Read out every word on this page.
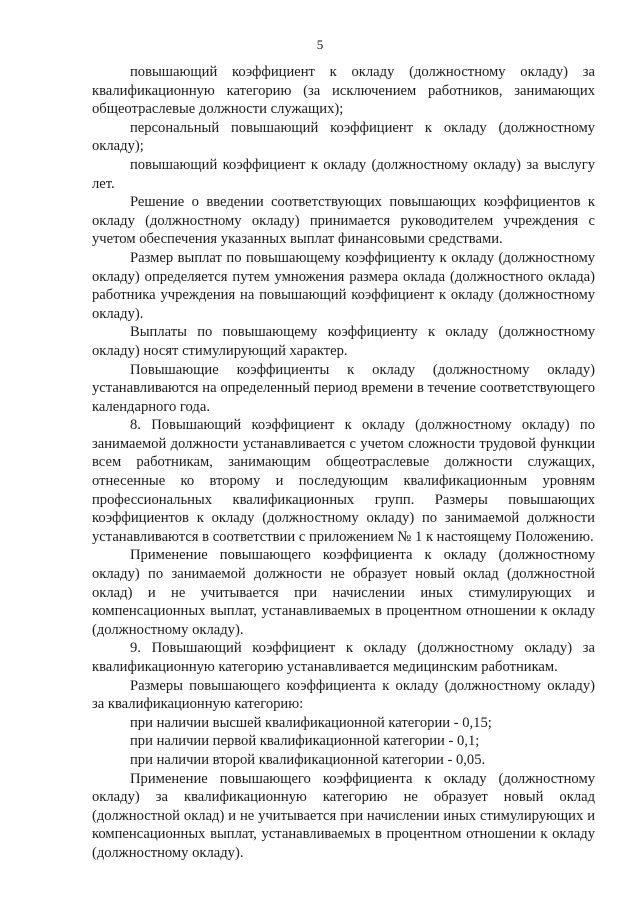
5

повышающий коэффициент к окладу (должностному окладу) за квалификационную категорию (за исключением работников, занимающих общеотраслевые должности служащих);

персональный повышающий коэффициент к окладу (должностному окладу);

повышающий коэффициент к окладу (должностному окладу) за выслугу лет.

Решение о введении соответствующих повышающих коэффициентов к окладу (должностному окладу) принимается руководителем учреждения с учетом обеспечения указанных выплат финансовыми средствами.

Размер выплат по повышающему коэффициенту к окладу (должностному окладу) определяется путем умножения размера оклада (должностного оклада) работника учреждения на повышающий коэффициент к окладу (должностному окладу).

Выплаты по повышающему коэффициенту к окладу (должностному окладу) носят стимулирующий характер.

Повышающие коэффициенты к окладу (должностному окладу) устанавливаются на определенный период времени в течение соответствующего календарного года.

8. Повышающий коэффициент к окладу (должностному окладу) по занимаемой должности устанавливается с учетом сложности трудовой функции всем работникам, занимающим общеотраслевые должности служащих, отнесенные ко второму и последующим квалификационным уровням профессиональных квалификационных групп. Размеры повышающих коэффициентов к окладу (должностному окладу) по занимаемой должности устанавливаются в соответствии с приложением № 1 к настоящему Положению.

Применение повышающего коэффициента к окладу (должностному окладу) по занимаемой должности не образует новый оклад (должностной оклад) и не учитывается при начислении иных стимулирующих и компенсационных выплат, устанавливаемых в процентном отношении к окладу (должностному окладу).

9. Повышающий коэффициент к окладу (должностному окладу) за квалификационную категорию устанавливается медицинским работникам.

Размеры повышающего коэффициента к окладу (должностному окладу) за квалификационную категорию:

при наличии высшей квалификационной категории - 0,15;

при наличии первой квалификационной категории - 0,1;

при наличии второй квалификационной категории - 0,05.

Применение повышающего коэффициента к окладу (должностному окладу) за квалификационную категорию не образует новый оклад (должностной оклад) и не учитывается при начислении иных стимулирующих и компенсационных выплат, устанавливаемых в процентном отношении к окладу (должностному окладу).
